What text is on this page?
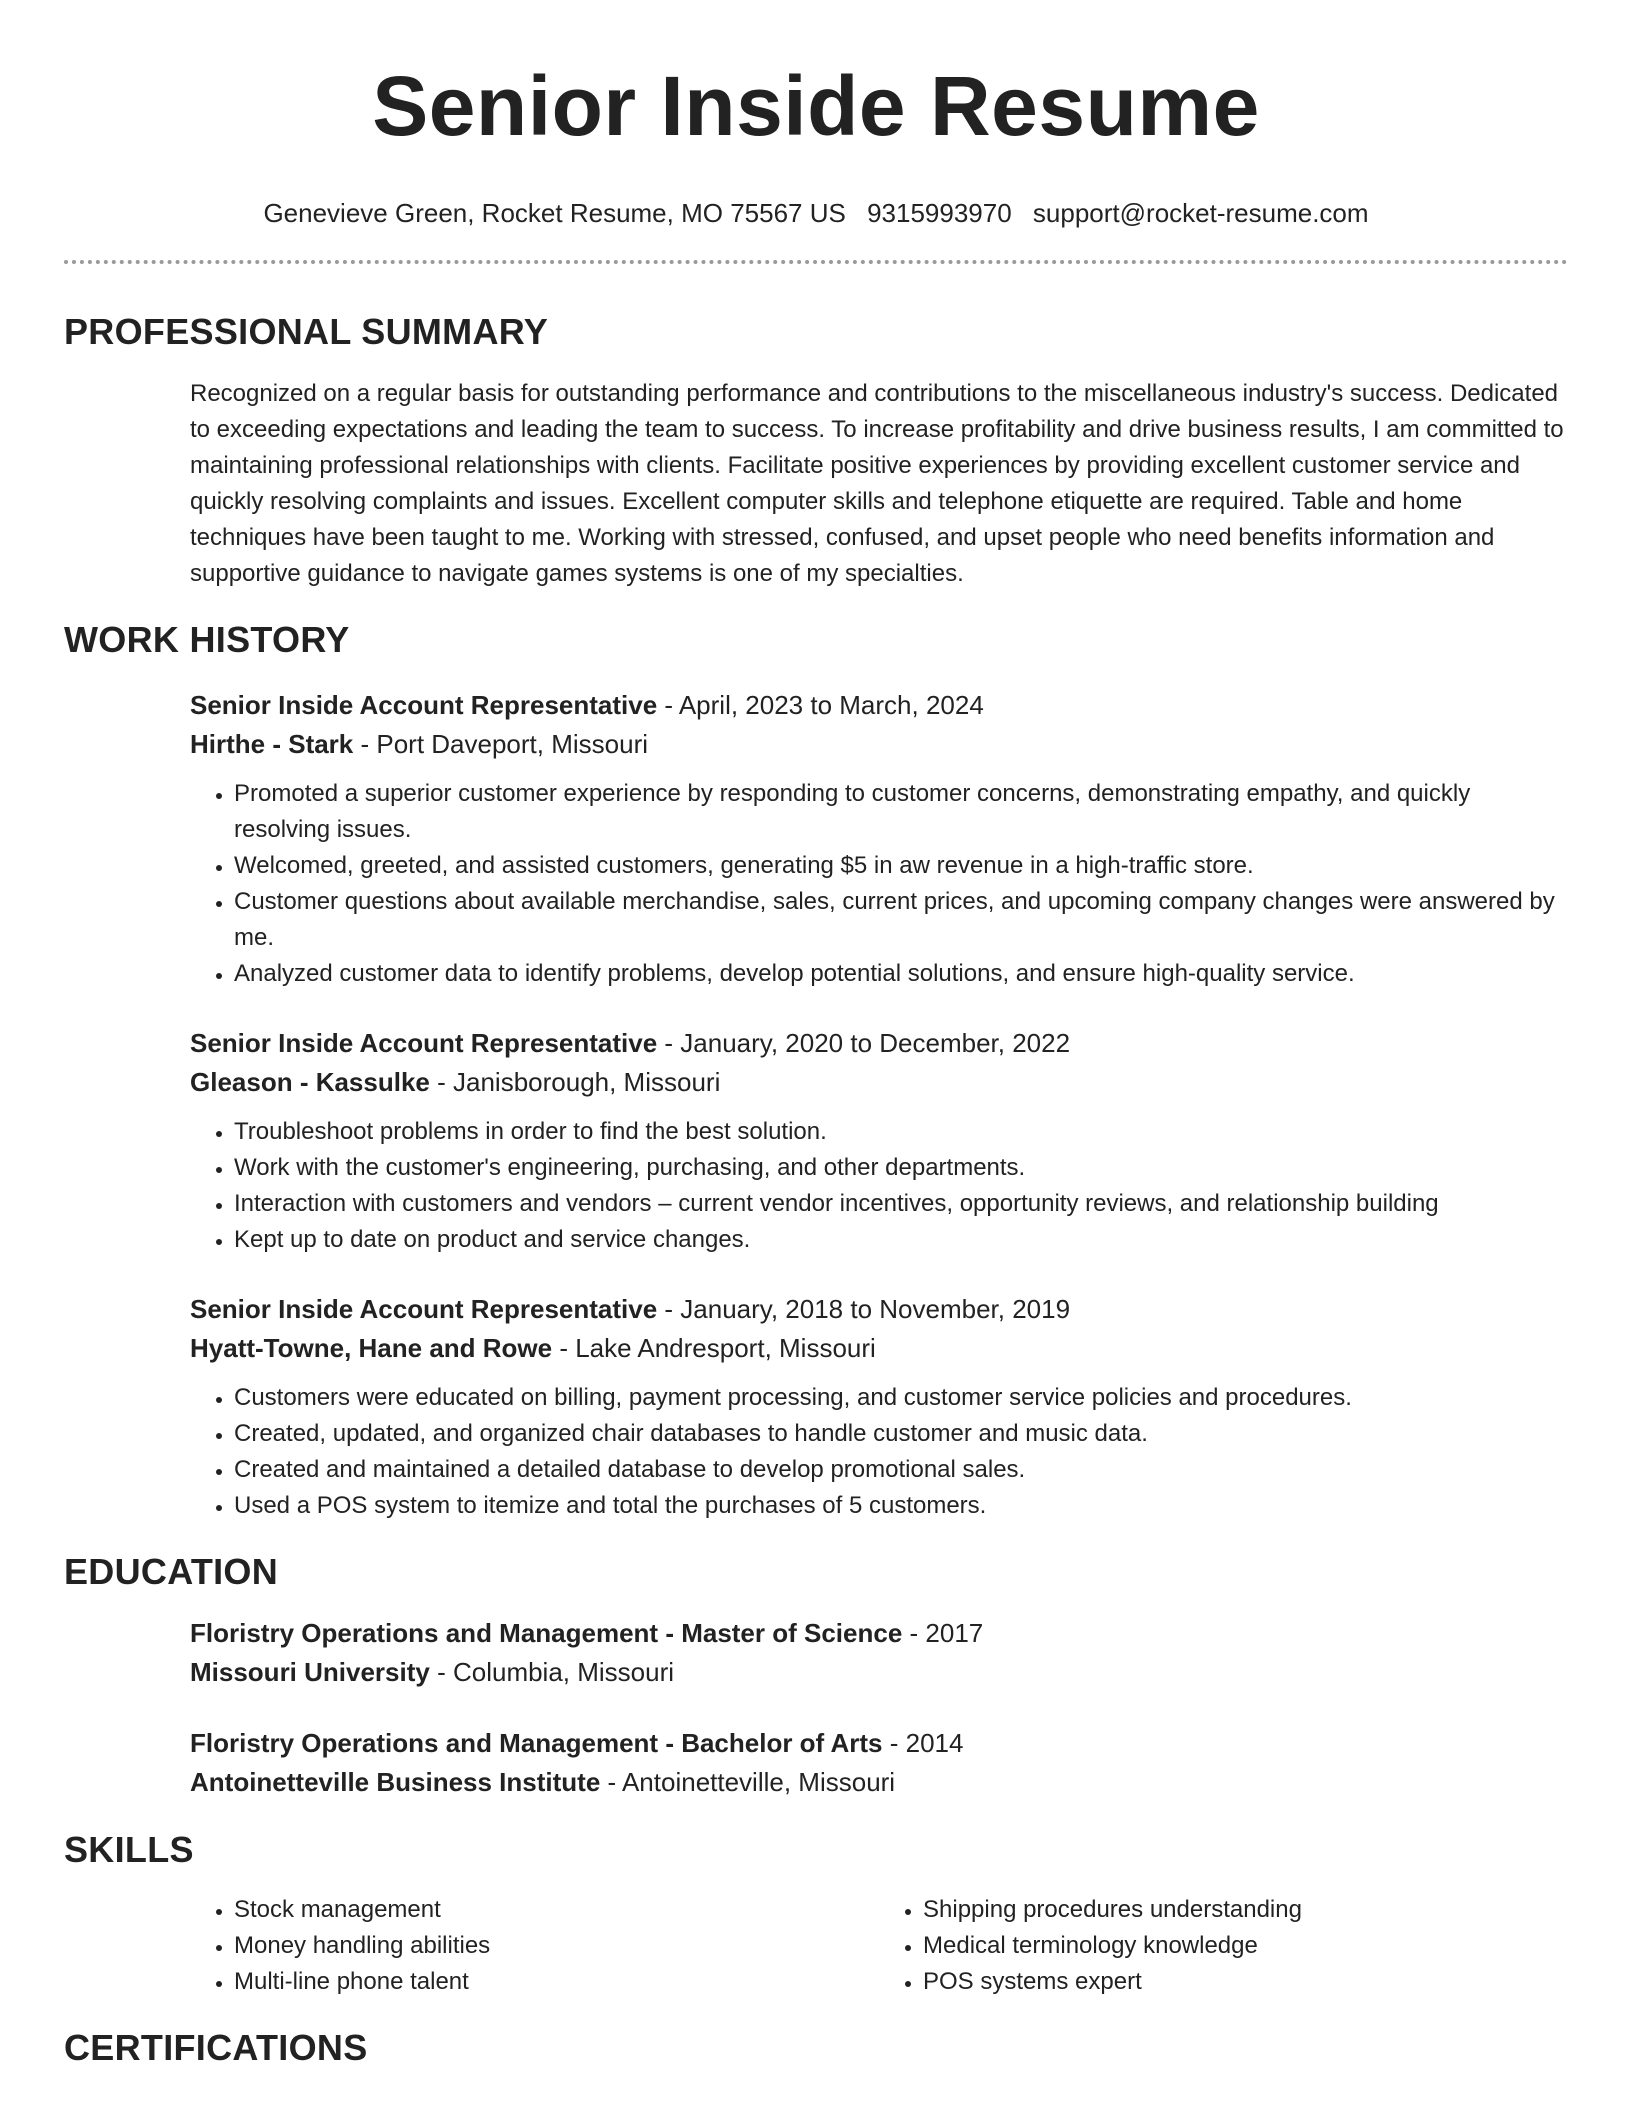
Senior Inside Resume
Genevieve Green, Rocket Resume, MO 75567 US 9315993970 support@rocket-resume.com
PROFESSIONAL SUMMARY
Recognized on a regular basis for outstanding performance and contributions to the miscellaneous industry's success. Dedicated to exceeding expectations and leading the team to success. To increase profitability and drive business results, I am committed to maintaining professional relationships with clients. Facilitate positive experiences by providing excellent customer service and quickly resolving complaints and issues. Excellent computer skills and telephone etiquette are required. Table and home techniques have been taught to me. Working with stressed, confused, and upset people who need benefits information and supportive guidance to navigate games systems is one of my specialties.
WORK HISTORY
Senior Inside Account Representative - April, 2023 to March, 2024
Hirthe - Stark - Port Daveport, Missouri
• Promoted a superior customer experience by responding to customer concerns, demonstrating empathy, and quickly resolving issues.
• Welcomed, greeted, and assisted customers, generating $5 in aw revenue in a high-traffic store.
• Customer questions about available merchandise, sales, current prices, and upcoming company changes were answered by me.
• Analyzed customer data to identify problems, develop potential solutions, and ensure high-quality service.
Senior Inside Account Representative - January, 2020 to December, 2022
Gleason - Kassulke - Janisborough, Missouri
• Troubleshoot problems in order to find the best solution.
• Work with the customer's engineering, purchasing, and other departments.
• Interaction with customers and vendors – current vendor incentives, opportunity reviews, and relationship building
• Kept up to date on product and service changes.
Senior Inside Account Representative - January, 2018 to November, 2019
Hyatt-Towne, Hane and Rowe - Lake Andresport, Missouri
• Customers were educated on billing, payment processing, and customer service policies and procedures.
• Created, updated, and organized chair databases to handle customer and music data.
• Created and maintained a detailed database to develop promotional sales.
• Used a POS system to itemize and total the purchases of 5 customers.
EDUCATION
Floristry Operations and Management - Master of Science - 2017
Missouri University - Columbia, Missouri
Floristry Operations and Management - Bachelor of Arts - 2014
Antoinetteville Business Institute - Antoinetteville, Missouri
SKILLS
• Stock management
• Money handling abilities
• Multi-line phone talent
• Shipping procedures understanding
• Medical terminology knowledge
• POS systems expert
CERTIFICATIONS
